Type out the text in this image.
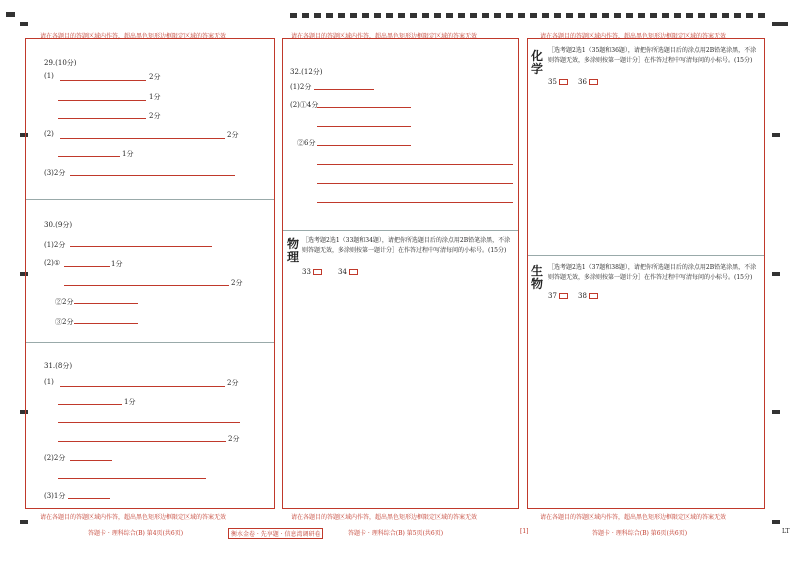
请在各题目的答题区域内作答，超出黑色矩形边框限定区域的答案无效	请在各题目的答题区域内作答，超出黑色矩形边框限定区域的答案无效	请在各题目的答题区域内作答，超出黑色矩形边框限定区域的答案无效
29.(10分)
(1)	2分
1分
2分
(2)	2分
1分
(3)2分
30.(9分)
(1)2分
(2)①	1分
2分
②2分
③2分
31.(8分)
(1)	2分
1分
2分
(2)2分
(3)1分
32.(12分)
(1)2分
(2)①4分
②6分
物理
［选考题2选1（33题和34题），请把你所选题目后的涂点用2B铅笔涂黑，不涂则答题无效，多涂则按第一题计分］在作答过程中写清每问的小标号。(15分)
33	34
化学
［选考题2选1（35题和36题），请把你所选题目后的涂点用2B铅笔涂黑，不涂则答题无效，多涂则按第一题计分］在作答过程中写清每问的小标号。(15分)
35	36
生物
［选考题2选1（37题和38题），请把你所选题目后的涂点用2B铅笔涂黑，不涂则答题无效，多涂则按第一题计分］在作答过程中写清每问的小标号。(15分)
37	38
请在各题目的答题区域内作答，超出黑色矩形边框限定区域的答案无效	请在各题目的答题区域内作答，超出黑色矩形边框限定区域的答案无效	请在各题目的答题区域内作答，超出黑色矩形边框限定区域的答案无效
答题卡 · 理科综合(B) 第4页(共6页)	衡水金卷 · 先享题 · 信息湾调研卷	答题卡 · 理科综合(B) 第5页(共6页)	[1]	答题卡 · 理科综合(B) 第6页(共6页)	LT
